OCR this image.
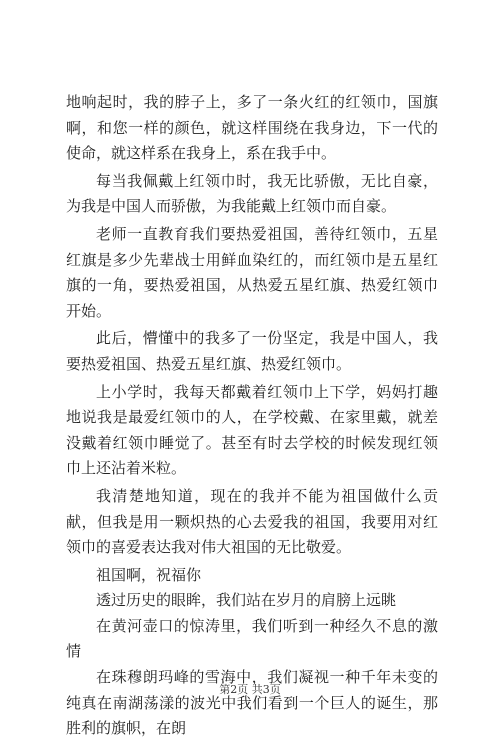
地响起时，我的脖子上，多了一条火红的红领巾，国旗啊，和您一样的颜色，就这样围绕在我身边，下一代的使命，就这样系在我身上，系在我手中。

每当我佩戴上红领巾时，我无比骄傲，无比自豪，为我是中国人而骄傲，为我能戴上红领巾而自豪。

老师一直教育我们要热爱祖国，善待红领巾，五星红旗是多少先辈战士用鲜血染红的，而红领巾是五星红旗的一角，要热爱祖国，从热爱五星红旗、热爱红领巾开始。

此后，懵懂中的我多了一份坚定，我是中国人，我要热爱祖国、热爱五星红旗、热爱红领巾。

上小学时，我每天都戴着红领巾上下学，妈妈打趣地说我是最爱红领巾的人，在学校戴、在家里戴，就差没戴着红领巾睡觉了。甚至有时去学校的时候发现红领巾上还沾着米粒。

我清楚地知道，现在的我并不能为祖国做什么贡献，但我是用一颗炽热的心去爱我的祖国，我要用对红领巾的喜爱表达我对伟大祖国的无比敬爱。

祖国啊，祝福你

透过历史的眼眸，我们站在岁月的肩膀上远眺

在黄河壶口的惊涛里，我们听到一种经久不息的激情

在珠穆朗玛峰的雪海中，我们凝视一种千年未变的纯真在南湖荡漾的波光中我们看到一个巨人的诞生，那胜利的旗帜，在朗

第2页 共3页
